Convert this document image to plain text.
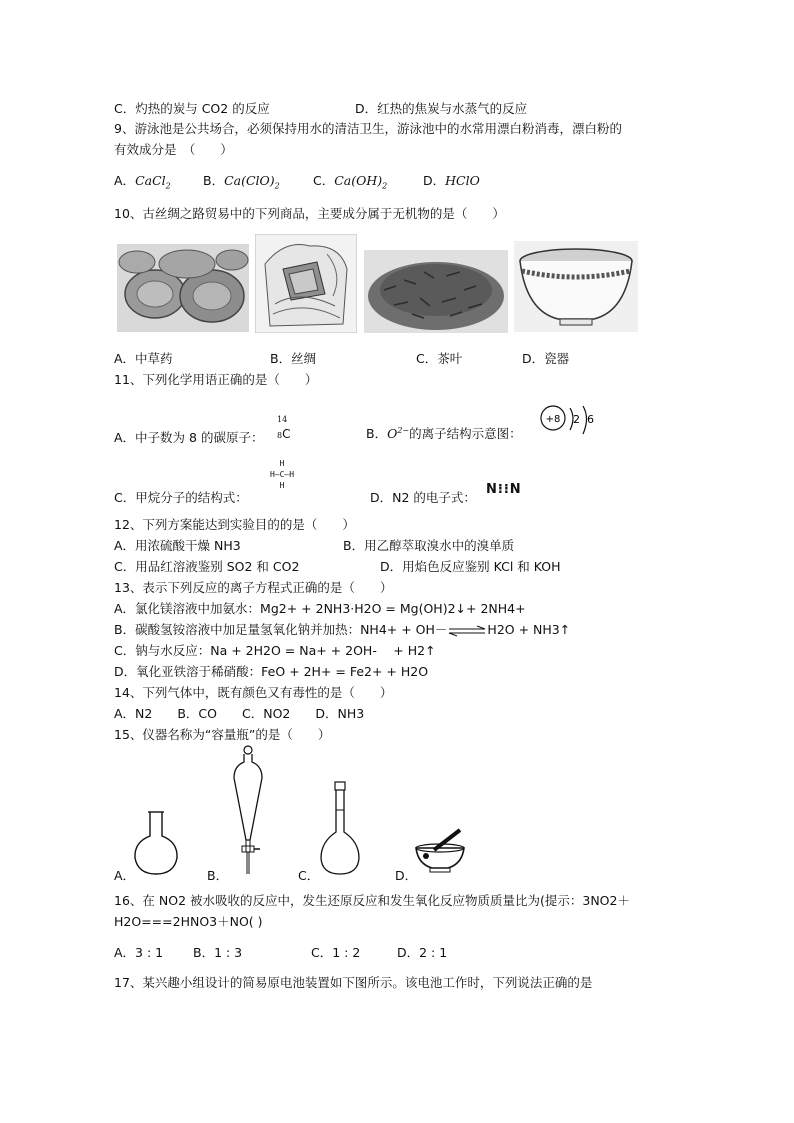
C．灼热的炭与 CO2 的反应	D．红热的焦炭与水蒸气的反应
9、游泳池是公共场合，必须保持用水的清洁卫生，游泳池中的水常用漂白粉消毒，漂白粉的
有效成分是　（　　）
A．CaCl$_2$	B．$Ca(ClO)_2$	C．$Ca(OH)_2$	D．HClO
10、古丝绸之路贸易中的下列商品，主要成分属于无机物的是（　　）
A．中草药	B．丝绸	C．茶叶	D．瓷器
11、下列化学用语正确的是（　　）
A．中子数为 8 的碳原子：
14
8C	B．$O^{2-}$的离子结构示意图：
+8 2 6
C．甲烷分子的结构式：
H
H–C–H
H
D．N2 的电子式：
N⁝⁝N
12、下列方案能达到实验目的的是（　　）
A．用浓硫酸干燥 NH3	B．用乙醇萃取溴水中的溴单质
C．用品红溶液鉴别 SO2 和 CO2	D．用焰色反应鉴别 KCl 和 KOH
13、表示下列反应的离子方程式正确的是（　　）
A．氯化镁溶液中加氨水：Mg2+ + 2NH3·H2O = Mg(OH)2↓+ 2NH4+
B．碳酸氢铵溶液中加足量氢氧化钠并加热：NH4+ + OH－	H2O + NH3↑
C．钠与水反应：Na + 2H2O = Na+ + 2OH-　 + H2↑
D．氧化亚铁溶于稀硝酸：FeO + 2H+ = Fe2+ + H2O
14、下列气体中，既有颜色又有毒性的是（　　）
A．N2　　B．CO　　C．NO2　　D．NH3
15、仪器名称为“容量瓶”的是（　　）
A．	B．	C．	D．
16、在 NO2 被水吸收的反应中，发生还原反应和发生氧化反应物质质量比为(提示：3NO2＋
H2O===2HNO3＋NO( )
A．3 : 1 B．1 : 3	C．1 : 2	D．2 : 1
17、某兴趣小组设计的简易原电池装置如下图所示。该电池工作时，下列说法正确的是
